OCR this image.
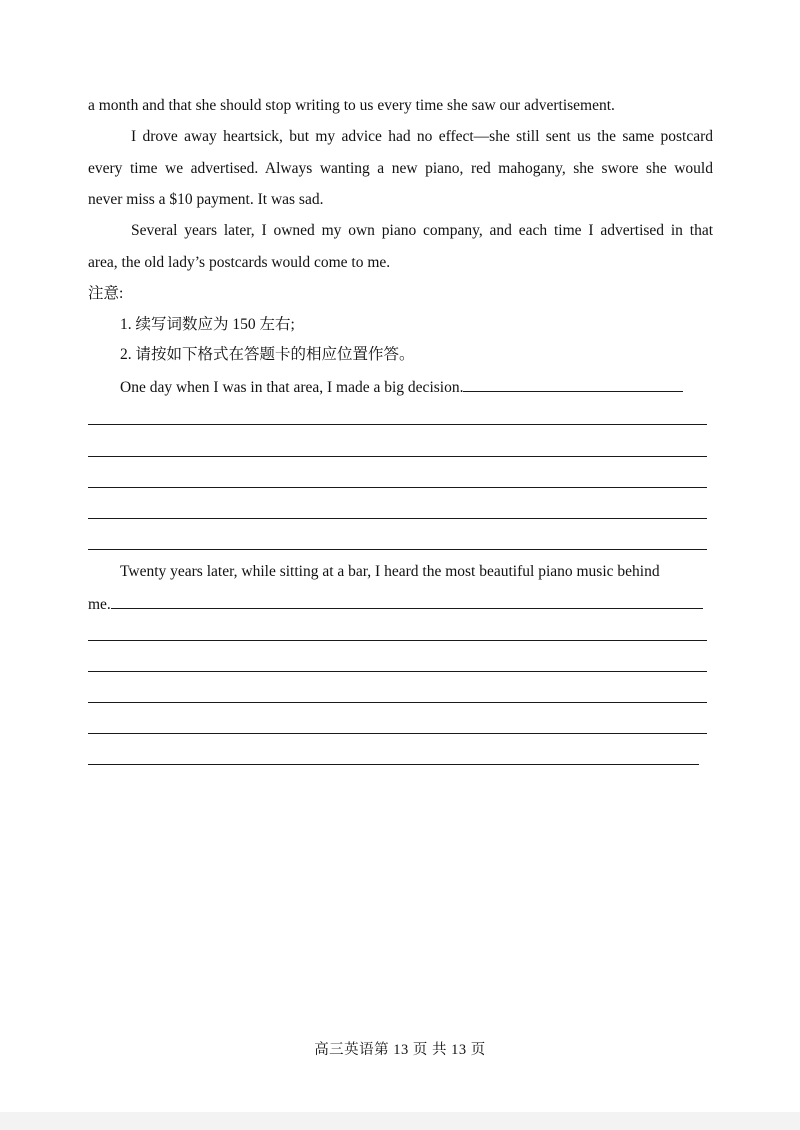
a month and that she should stop writing to us every time she saw our advertisement.
I drove away heartsick, but my advice had no effect—she still sent us the same postcard
every time we advertised. Always wanting a new piano, red mahogany, she swore she would
never miss a $10 payment. It was sad.
Several years later, I owned my own piano company, and each time I advertised in that
area, the old lady’s postcards would come to me.
注意:
1. 续写词数应为 150 左右;
2. 请按如下格式在答题卡的相应位置作答。
One day when I was in that area, I made a big decision.
Twenty years later, while sitting at a bar, I heard the most beautiful piano music behind
me.
高三英语第 13 页 共 13 页
